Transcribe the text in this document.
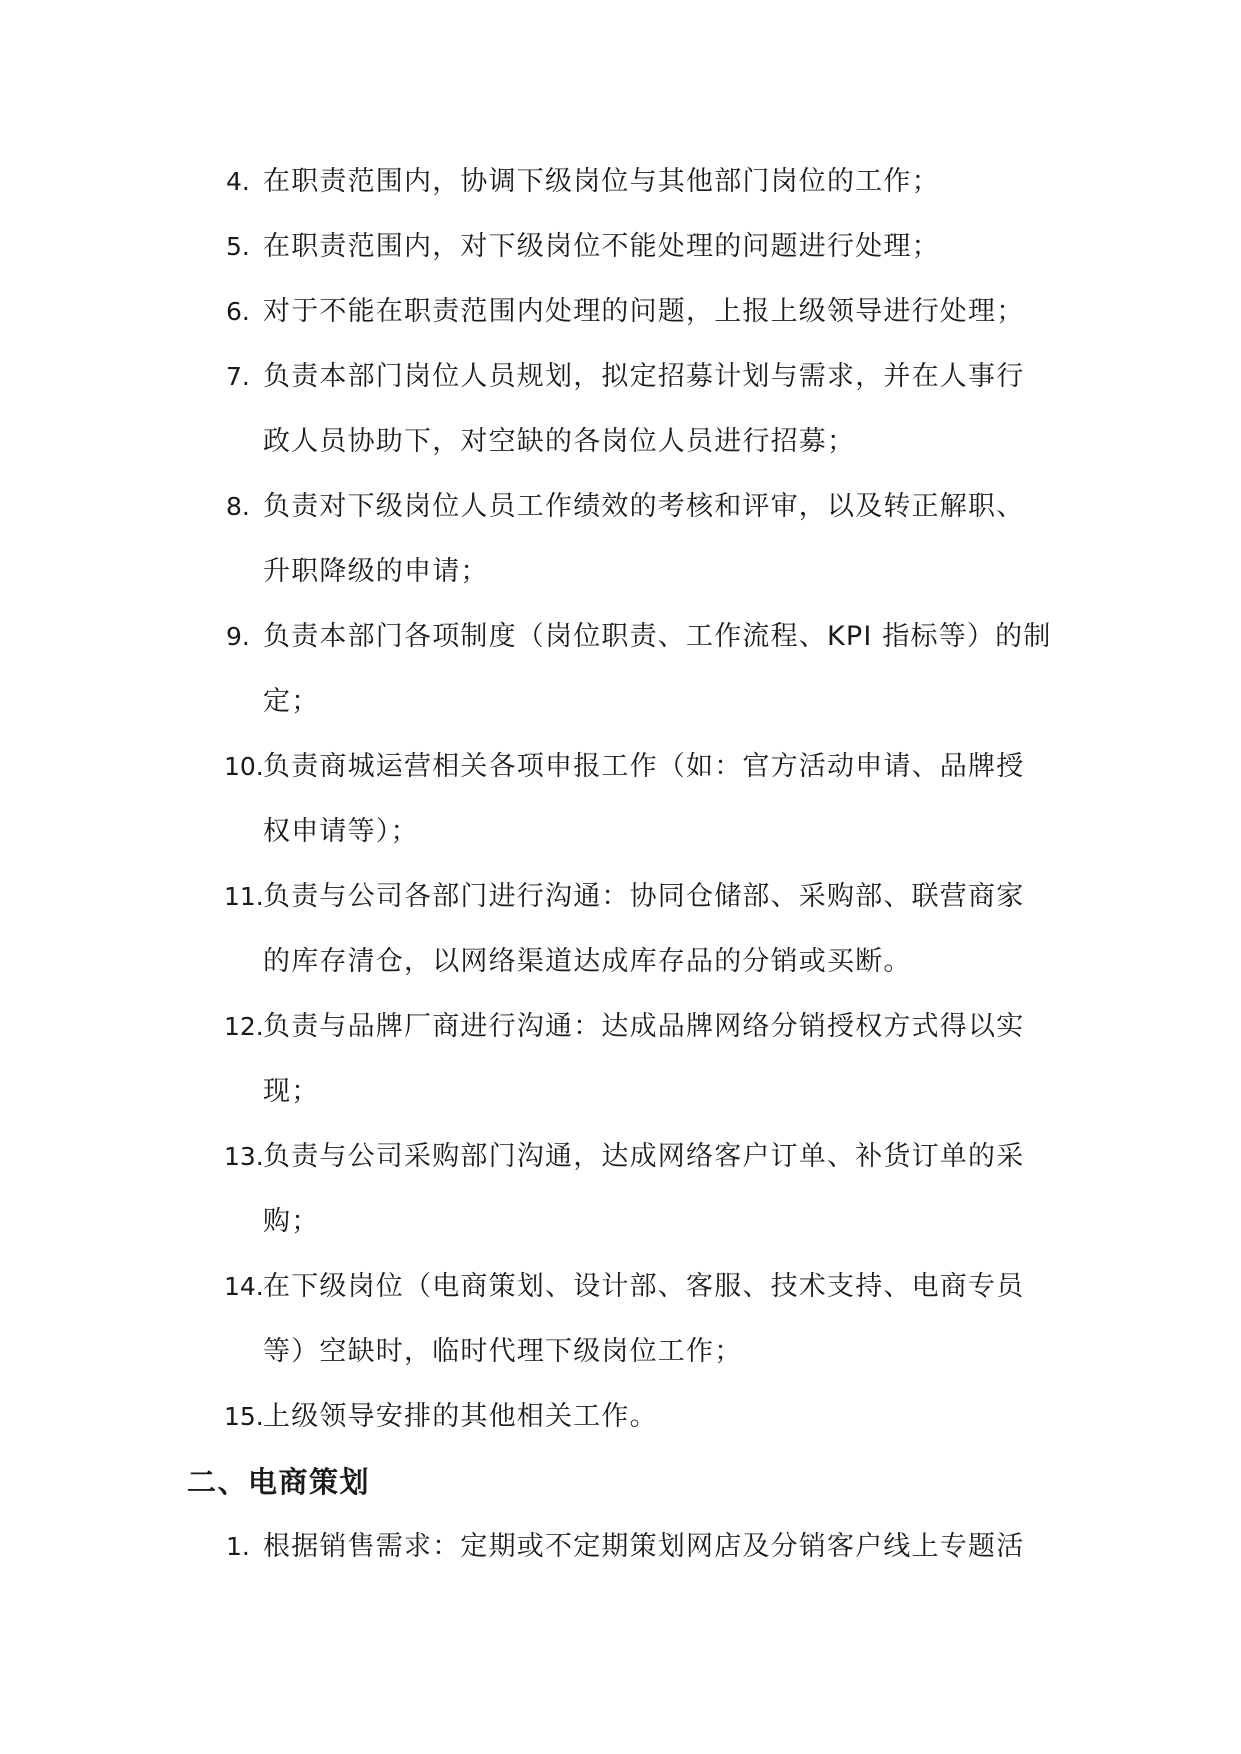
4. 在职责范围内，协调下级岗位与其他部门岗位的工作；
5. 在职责范围内，对下级岗位不能处理的问题进行处理；
6. 对于不能在职责范围内处理的问题，上报上级领导进行处理；
7. 负责本部门岗位人员规划，拟定招募计划与需求，并在人事行
政人员协助下，对空缺的各岗位人员进行招募；
8. 负责对下级岗位人员工作绩效的考核和评审，以及转正解职、
升职降级的申请；
9. 负责本部门各项制度（岗位职责、工作流程、KPI 指标等）的制
定；
10. 负责商城运营相关各项申报工作（如：官方活动申请、品牌授
权申请等）；
11. 负责与公司各部门进行沟通：协同仓储部、采购部、联营商家
的库存清仓，以网络渠道达成库存品的分销或买断。
12. 负责与品牌厂商进行沟通：达成品牌网络分销授权方式得以实
现；
13. 负责与公司采购部门沟通，达成网络客户订单、补货订单的采
购；
14. 在下级岗位（电商策划、设计部、客服、技术支持、电商专员
等）空缺时，临时代理下级岗位工作；
15. 上级领导安排的其他相关工作。
二、电商策划
1. 根据销售需求：定期或不定期策划网店及分销客户线上专题活
